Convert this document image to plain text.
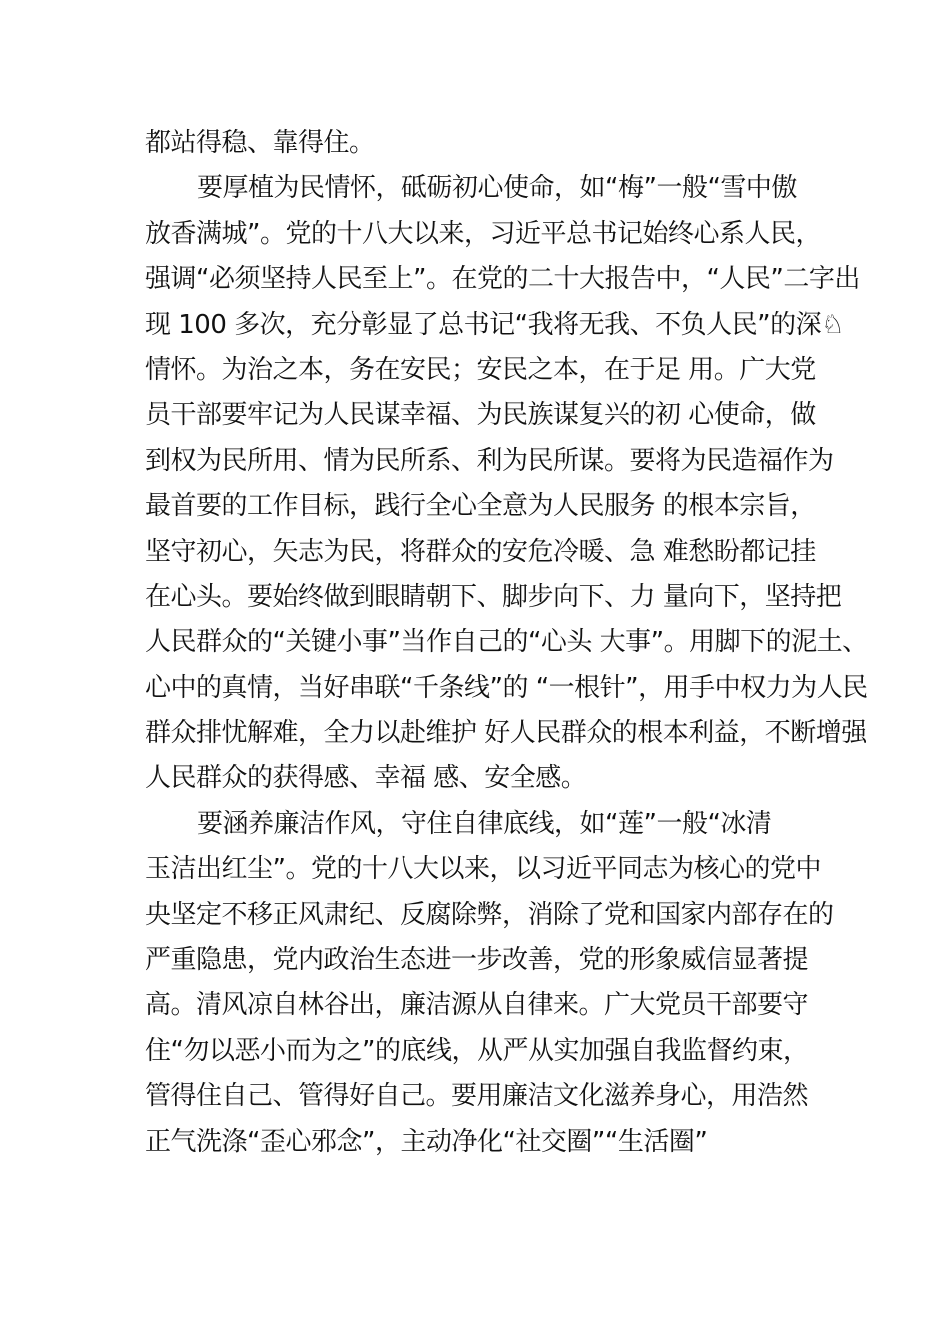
都站得稳、靠得住。
要厚植为民情怀，砥砺初心使命，如“梅”一般“雪中傲
放香满城”。党的十八大以来，习近平总书记始终心系人民，
强调“必须坚持人民至上”。在党的二十大报告中，“人民”二字出
现 100 多次，充分彰显了总书记“我将无我、不负人民”的深♘
情怀。为治之本，务在安民；安民之本，在于足 用。广大党
员干部要牢记为人民谋幸福、为民族谋复兴的初 心使命，做
到权为民所用、情为民所系、利为民所谋。要将为民造福作为
最首要的工作目标，践行全心全意为人民服务 的根本宗旨，
坚守初心，矢志为民，将群众的安危冷暖、急 难愁盼都记挂
在心头。要始终做到眼睛朝下、脚步向下、力 量向下，坚持把
人民群众的“关键小事”当作自己的“心头 大事”。用脚下的泥土、
心中的真情，当好串联“千条线”的 “一根针”，用手中权力为人民
群众排忧解难，全力以赴维护 好人民群众的根本利益，不断增强
人民群众的获得感、幸福 感、安全感。
要涵养廉洁作风，守住自律底线，如“莲”一般“冰清
玉洁出红尘”。党的十八大以来，以习近平同志为核心的党中
央坚定不移正风肃纪、反腐除弊，消除了党和国家内部存在的
严重隐患，党内政治生态进一步改善，党的形象威信显著提
高。清风凉自林谷出，廉洁源从自律来。广大党员干部要守
住“勿以恶小而为之”的底线，从严从实加强自我监督约束，
管得住自己、管得好自己。要用廉洁文化滋养身心，用浩然
正气洗涤“歪心邪念”，主动净化“社交圈”“生活圈”
